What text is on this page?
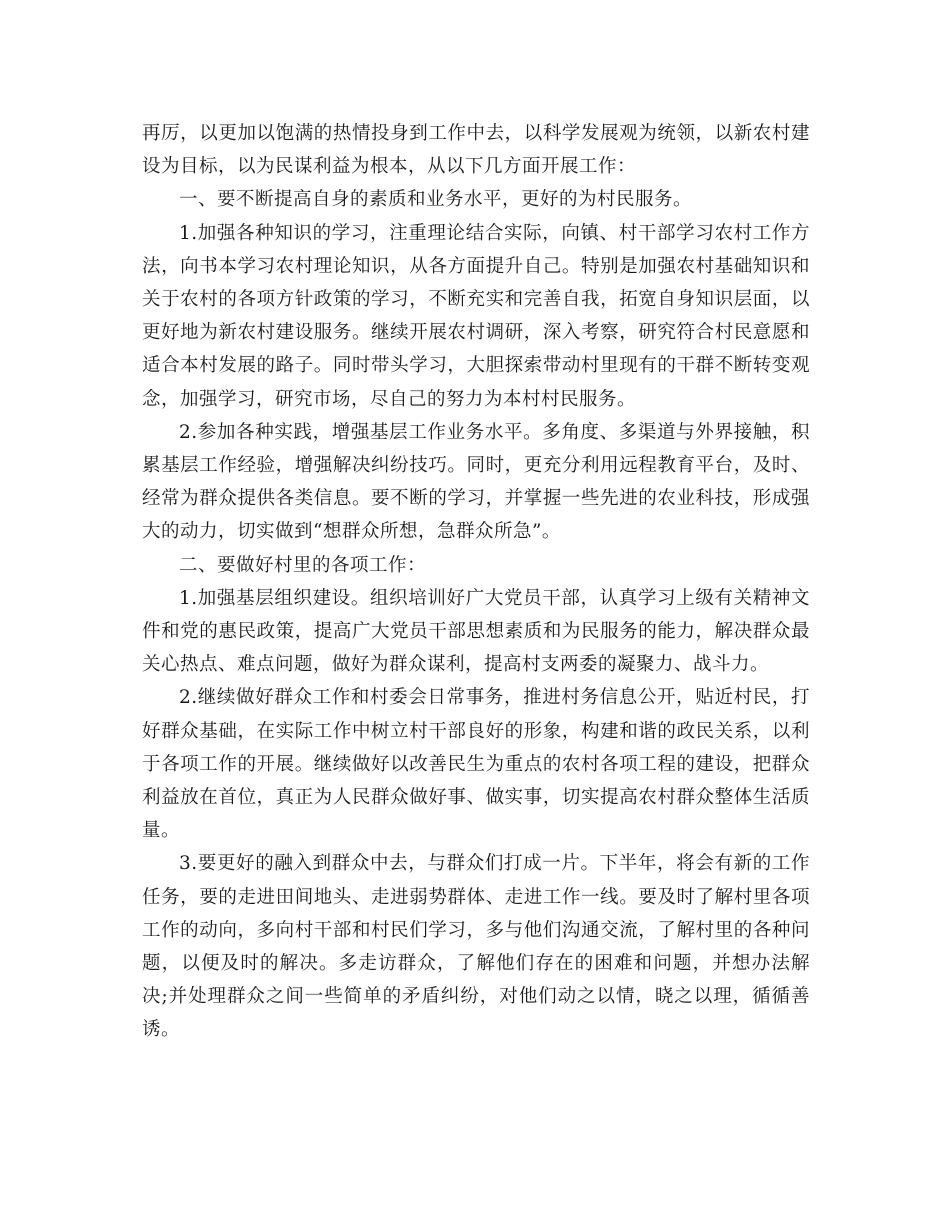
再厉，以更加以饱满的热情投身到工作中去，以科学发展观为统领，以新农村建设为目标，以为民谋利益为根本，从以下几方面开展工作：

一、要不断提高自身的素质和业务水平，更好的为村民服务。

1.加强各种知识的学习，注重理论结合实际，向镇、村干部学习农村工作方法，向书本学习农村理论知识，从各方面提升自己。特别是加强农村基础知识和关于农村的各项方针政策的学习，不断充实和完善自我，拓宽自身知识层面，以更好地为新农村建设服务。继续开展农村调研，深入考察，研究符合村民意愿和适合本村发展的路子。同时带头学习，大胆探索带动村里现有的干群不断转变观念，加强学习，研究市场，尽自己的努力为本村村民服务。

2.参加各种实践，增强基层工作业务水平。多角度、多渠道与外界接触，积累基层工作经验，增强解决纠纷技巧。同时，更充分利用远程教育平台，及时、经常为群众提供各类信息。要不断的学习，并掌握一些先进的农业科技，形成强大的动力，切实做到“想群众所想，急群众所急”。

二、要做好村里的各项工作：

1.加强基层组织建设。组织培训好广大党员干部，认真学习上级有关精神文件和党的惠民政策，提高广大党员干部思想素质和为民服务的能力，解决群众最关心热点、难点问题，做好为群众谋利，提高村支两委的凝聚力、战斗力。

2.继续做好群众工作和村委会日常事务，推进村务信息公开，贴近村民，打好群众基础，在实际工作中树立村干部良好的形象，构建和谐的政民关系，以利于各项工作的开展。继续做好以改善民生为重点的农村各项工程的建设，把群众利益放在首位，真正为人民群众做好事、做实事，切实提高农村群众整体生活质量。

3.要更好的融入到群众中去，与群众们打成一片。下半年，将会有新的工作任务，要的走进田间地头、走进弱势群体、走进工作一线。要及时了解村里各项工作的动向，多向村干部和村民们学习，多与他们沟通交流，了解村里的各种问题，以便及时的解决。多走访群众，了解他们存在的困难和问题，并想办法解决;并处理群众之间一些简单的矛盾纠纷，对他们动之以情，晓之以理，循循善诱。
